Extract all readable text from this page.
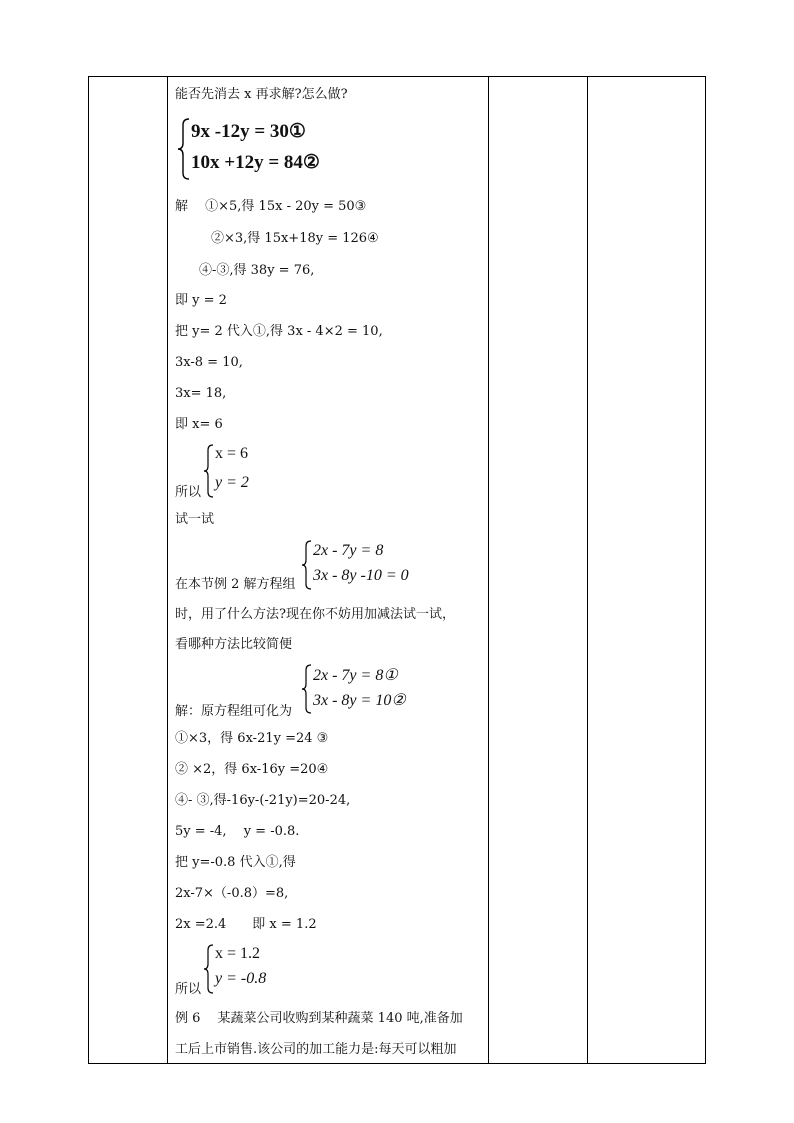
能否先消去 x 再求解?怎么做?
9x -12y = 30①
10x +12y = 84②
解　 ①×5,得 15x - 20y = 50③
②×3,得 15x+18y = 126④
④-③,得 38y = 76,
即 y = 2
把 y= 2 代入①,得 3x - 4×2 = 10,
3x-8 = 10,
3x= 18,
即 x= 6
所以
x = 6
y = 2
试一试
在本节例 2 解方程组
2x - 7y = 8
3x - 8y -10 = 0
时，用了什么方法?现在你不妨用加减法试一试，
看哪种方法比较简便
解：原方程组可化为
2x - 7y = 8①
3x - 8y = 10②
①×3，得 6x-21y =24 ③
② ×2，得 6x-16y =20④
④- ③,得-16y-(-21y)=20-24,
5y = -4,　 y = -0.8.
把 y=-0.8 代入①,得
2x-7×（-0.8）=8,
2x =2.4　　即 x = 1.2
所以
x = 1.2
y = -0.8
例 6　 某蔬菜公司收购到某种蔬菜 140 吨,准备加
工后上市销售.该公司的加工能力是:每天可以粗加
